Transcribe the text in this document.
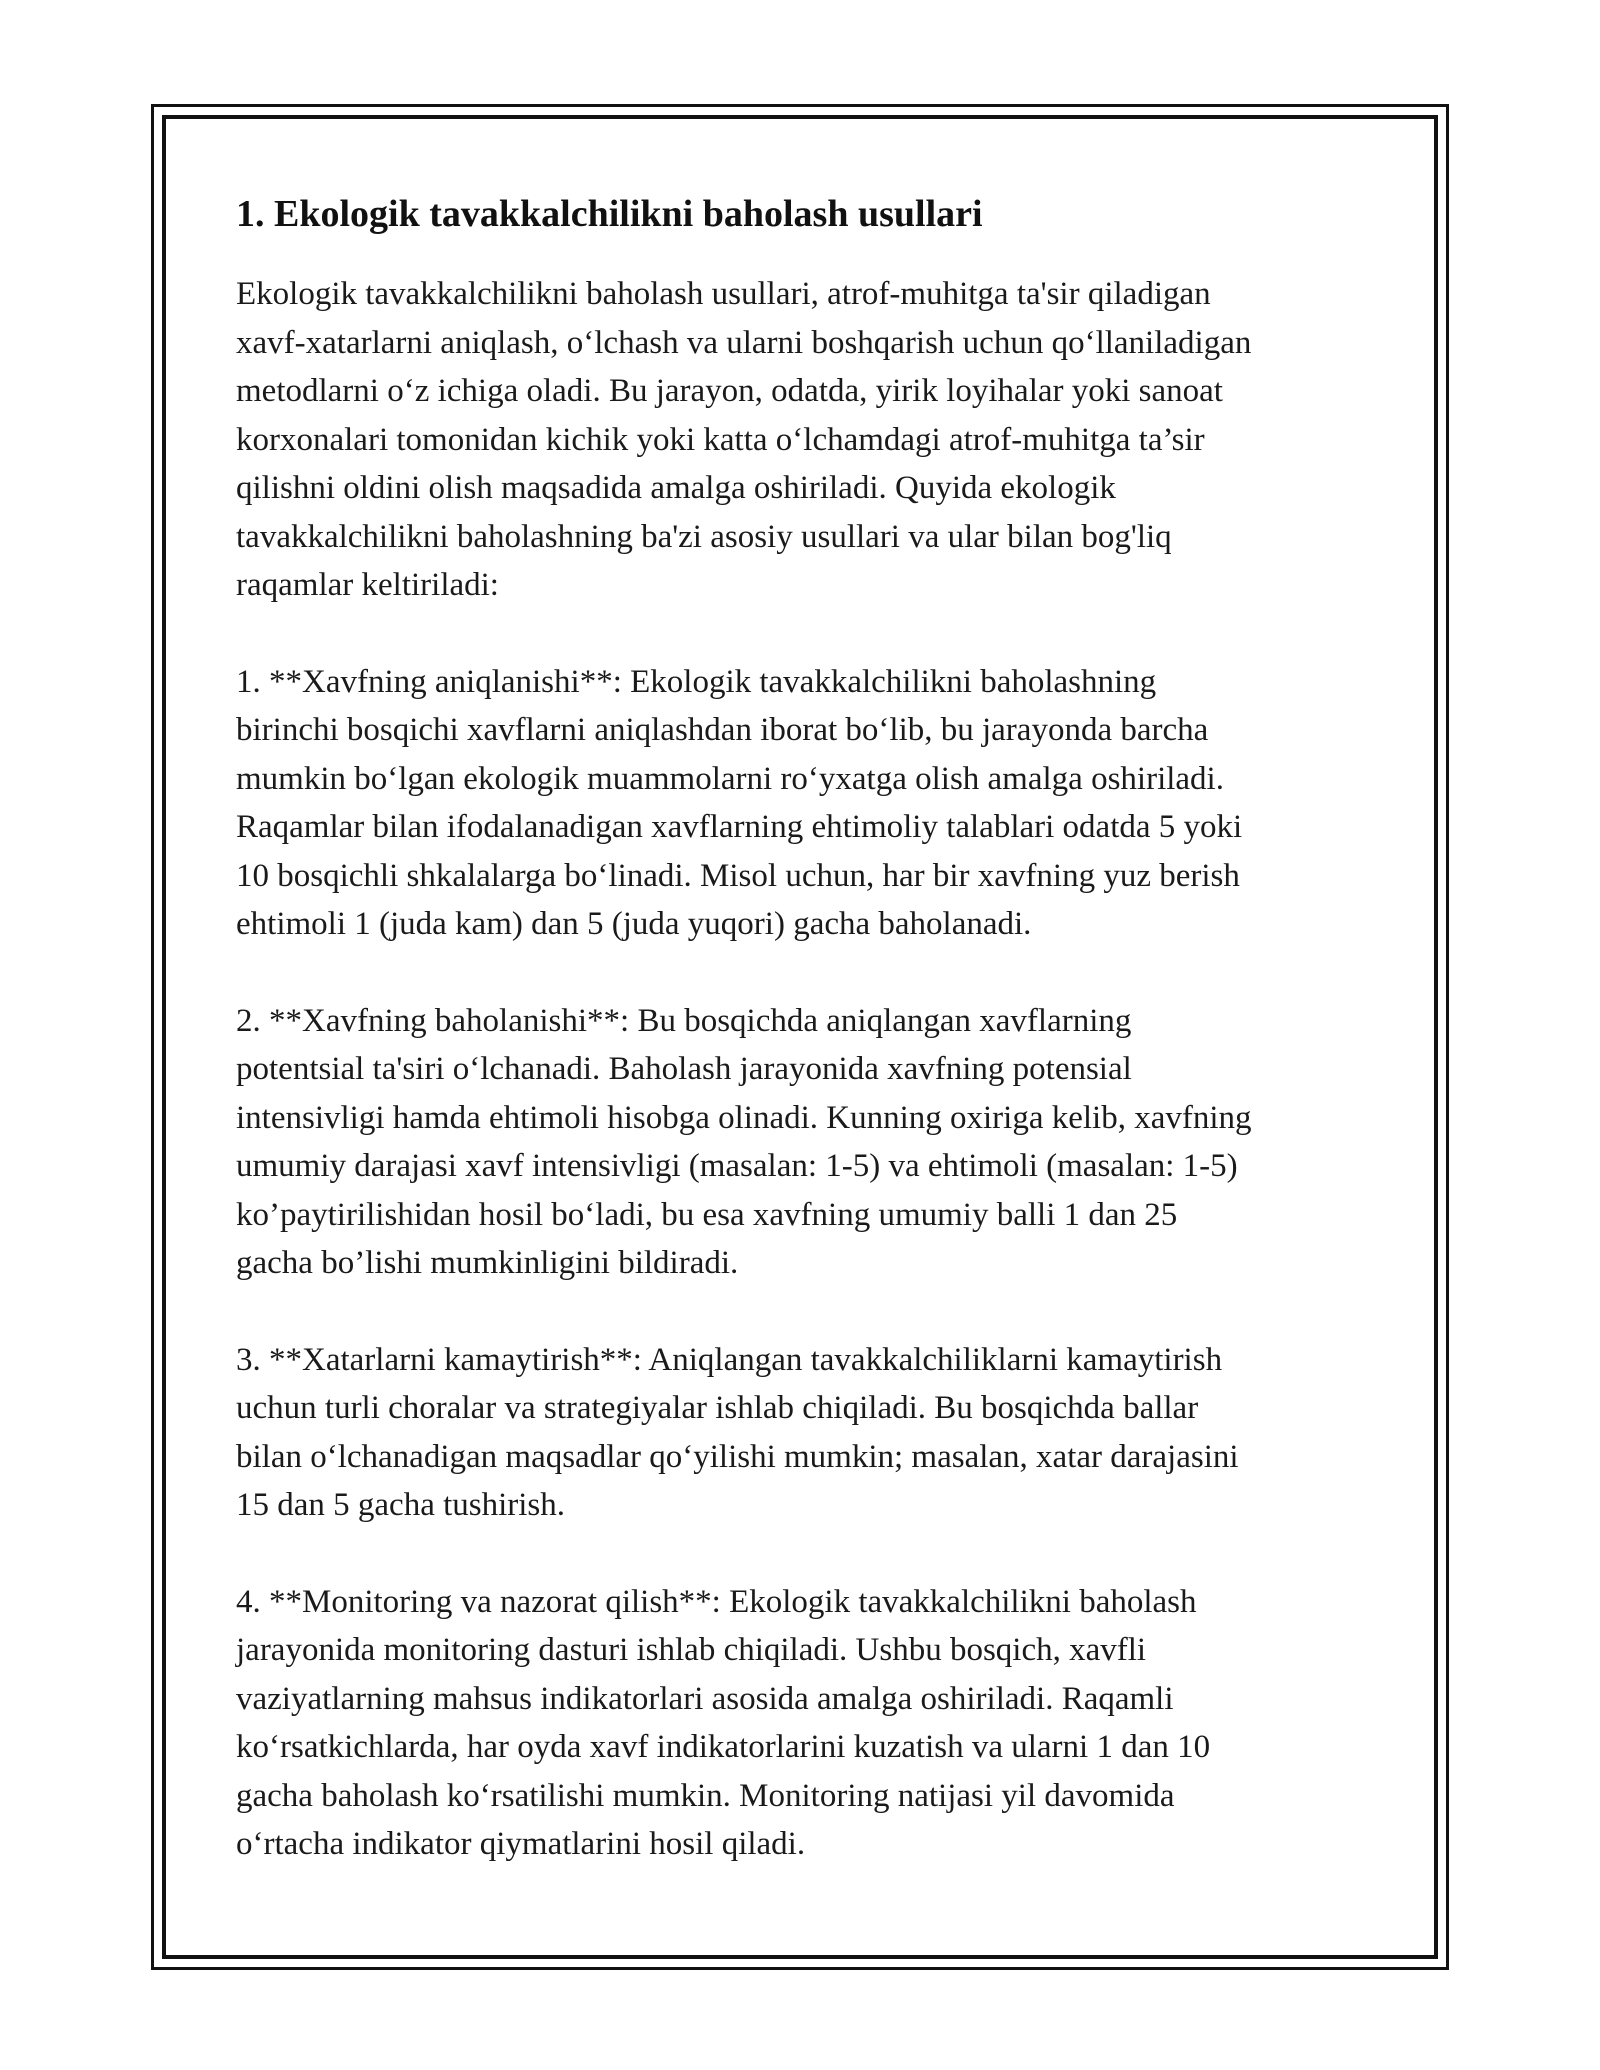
1. Ekologik tavakkalchilikni baholash usullari

Ekologik tavakkalchilikni baholash usullari, atrof-muhitga ta'sir qiladigan
xavf-xatarlarni aniqlash, o‘lchash va ularni boshqarish uchun qo‘llaniladigan
metodlarni o‘z ichiga oladi. Bu jarayon, odatda, yirik loyihalar yoki sanoat
korxonalari tomonidan kichik yoki katta o‘lchamdagi atrof-muhitga ta’sir
qilishni oldini olish maqsadida amalga oshiriladi. Quyida ekologik
tavakkalchilikni baholashning ba'zi asosiy usullari va ular bilan bog'liq
raqamlar keltiriladi:

1. **Xavfning aniqlanishi**: Ekologik tavakkalchilikni baholashning
birinchi bosqichi xavflarni aniqlashdan iborat bo‘lib, bu jarayonda barcha
mumkin bo‘lgan ekologik muammolarni ro‘yxatga olish amalga oshiriladi.
Raqamlar bilan ifodalanadigan xavflarning ehtimoliy talablari odatda 5 yoki
10 bosqichli shkalalarga bo‘linadi. Misol uchun, har bir xavfning yuz berish
ehtimoli 1 (juda kam) dan 5 (juda yuqori) gacha baholanadi.

2. **Xavfning baholanishi**: Bu bosqichda aniqlangan xavflarning
potentsial ta'siri o‘lchanadi. Baholash jarayonida xavfning potensial
intensivligi hamda ehtimoli hisobga olinadi. Kunning oxiriga kelib, xavfning
umumiy darajasi xavf intensivligi (masalan: 1-5) va ehtimoli (masalan: 1-5)
ko’paytirilishidan hosil bo‘ladi, bu esa xavfning umumiy balli 1 dan 25
gacha bo’lishi mumkinligini bildiradi.

3. **Xatarlarni kamaytirish**: Aniqlangan tavakkalchiliklarni kamaytirish
uchun turli choralar va strategiyalar ishlab chiqiladi. Bu bosqichda ballar
bilan o‘lchanadigan maqsadlar qo‘yilishi mumkin; masalan, xatar darajasini
15 dan 5 gacha tushirish.

4. **Monitoring va nazorat qilish**: Ekologik tavakkalchilikni baholash
jarayonida monitoring dasturi ishlab chiqiladi. Ushbu bosqich, xavfli
vaziyatlarning mahsus indikatorlari asosida amalga oshiriladi. Raqamli
ko‘rsatkichlarda, har oyda xavf indikatorlarini kuzatish va ularni 1 dan 10
gacha baholash ko‘rsatilishi mumkin. Monitoring natijasi yil davomida
o‘rtacha indikator qiymatlarini hosil qiladi.
